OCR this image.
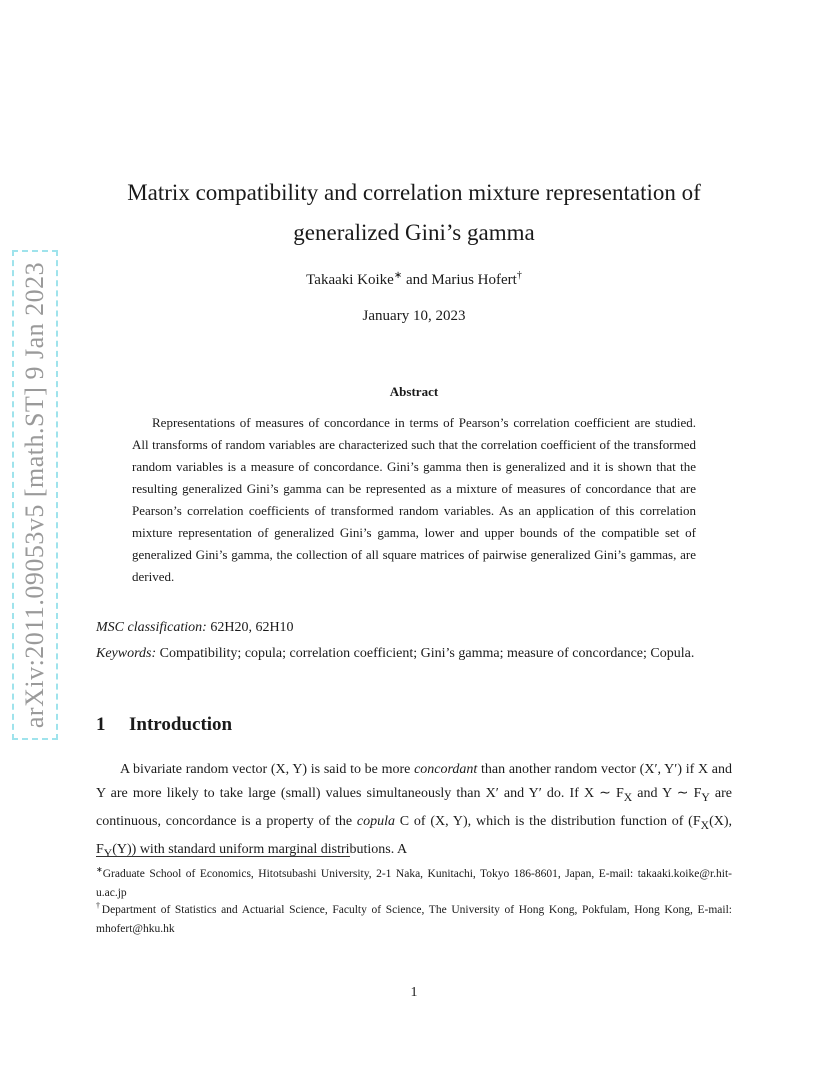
arXiv:2011.09053v5 [math.ST] 9 Jan 2023
Matrix compatibility and correlation mixture representation of
generalized Gini’s gamma
Takaaki Koike∗ and Marius Hofert†
January 10, 2023
Abstract
Representations of measures of concordance in terms of Pearson’s correlation coefficient are studied. All transforms of random variables are characterized such that the correlation coefficient of the transformed random variables is a measure of concordance. Gini’s gamma then is generalized and it is shown that the resulting generalized Gini’s gamma can be represented as a mixture of measures of concordance that are Pearson’s correlation coefficients of transformed random variables. As an application of this correlation mixture representation of generalized Gini’s gamma, lower and upper bounds of the compatible set of generalized Gini’s gamma, the collection of all square matrices of pairwise generalized Gini’s gammas, are derived.
MSC classification: 62H20, 62H10
Keywords: Compatibility; copula; correlation coefficient; Gini’s gamma; measure of concordance; Copula.
1 Introduction

A bivariate random vector (X, Y) is said to be more concordant than another random vector (X′, Y′) if X and Y are more likely to take large (small) values simultaneously than X′ and Y′ do. If X ∼ $F_X$ and Y ∼ $F_Y$ are continuous, concordance is a property of the copula C of (X, Y), which is the distribution function of ($F_X(X)$, $F_Y(Y)$) with standard uniform marginal distributions. A

∗Graduate School of Economics, Hitotsubashi University, 2-1 Naka, Kunitachi, Tokyo 186-8601, Japan, E-mail: takaaki.koike@r.hit-u.ac.jp
†Department of Statistics and Actuarial Science, Faculty of Science, The University of Hong Kong, Pokfulam, Hong Kong, E-mail: mhofert@hku.hk
1
